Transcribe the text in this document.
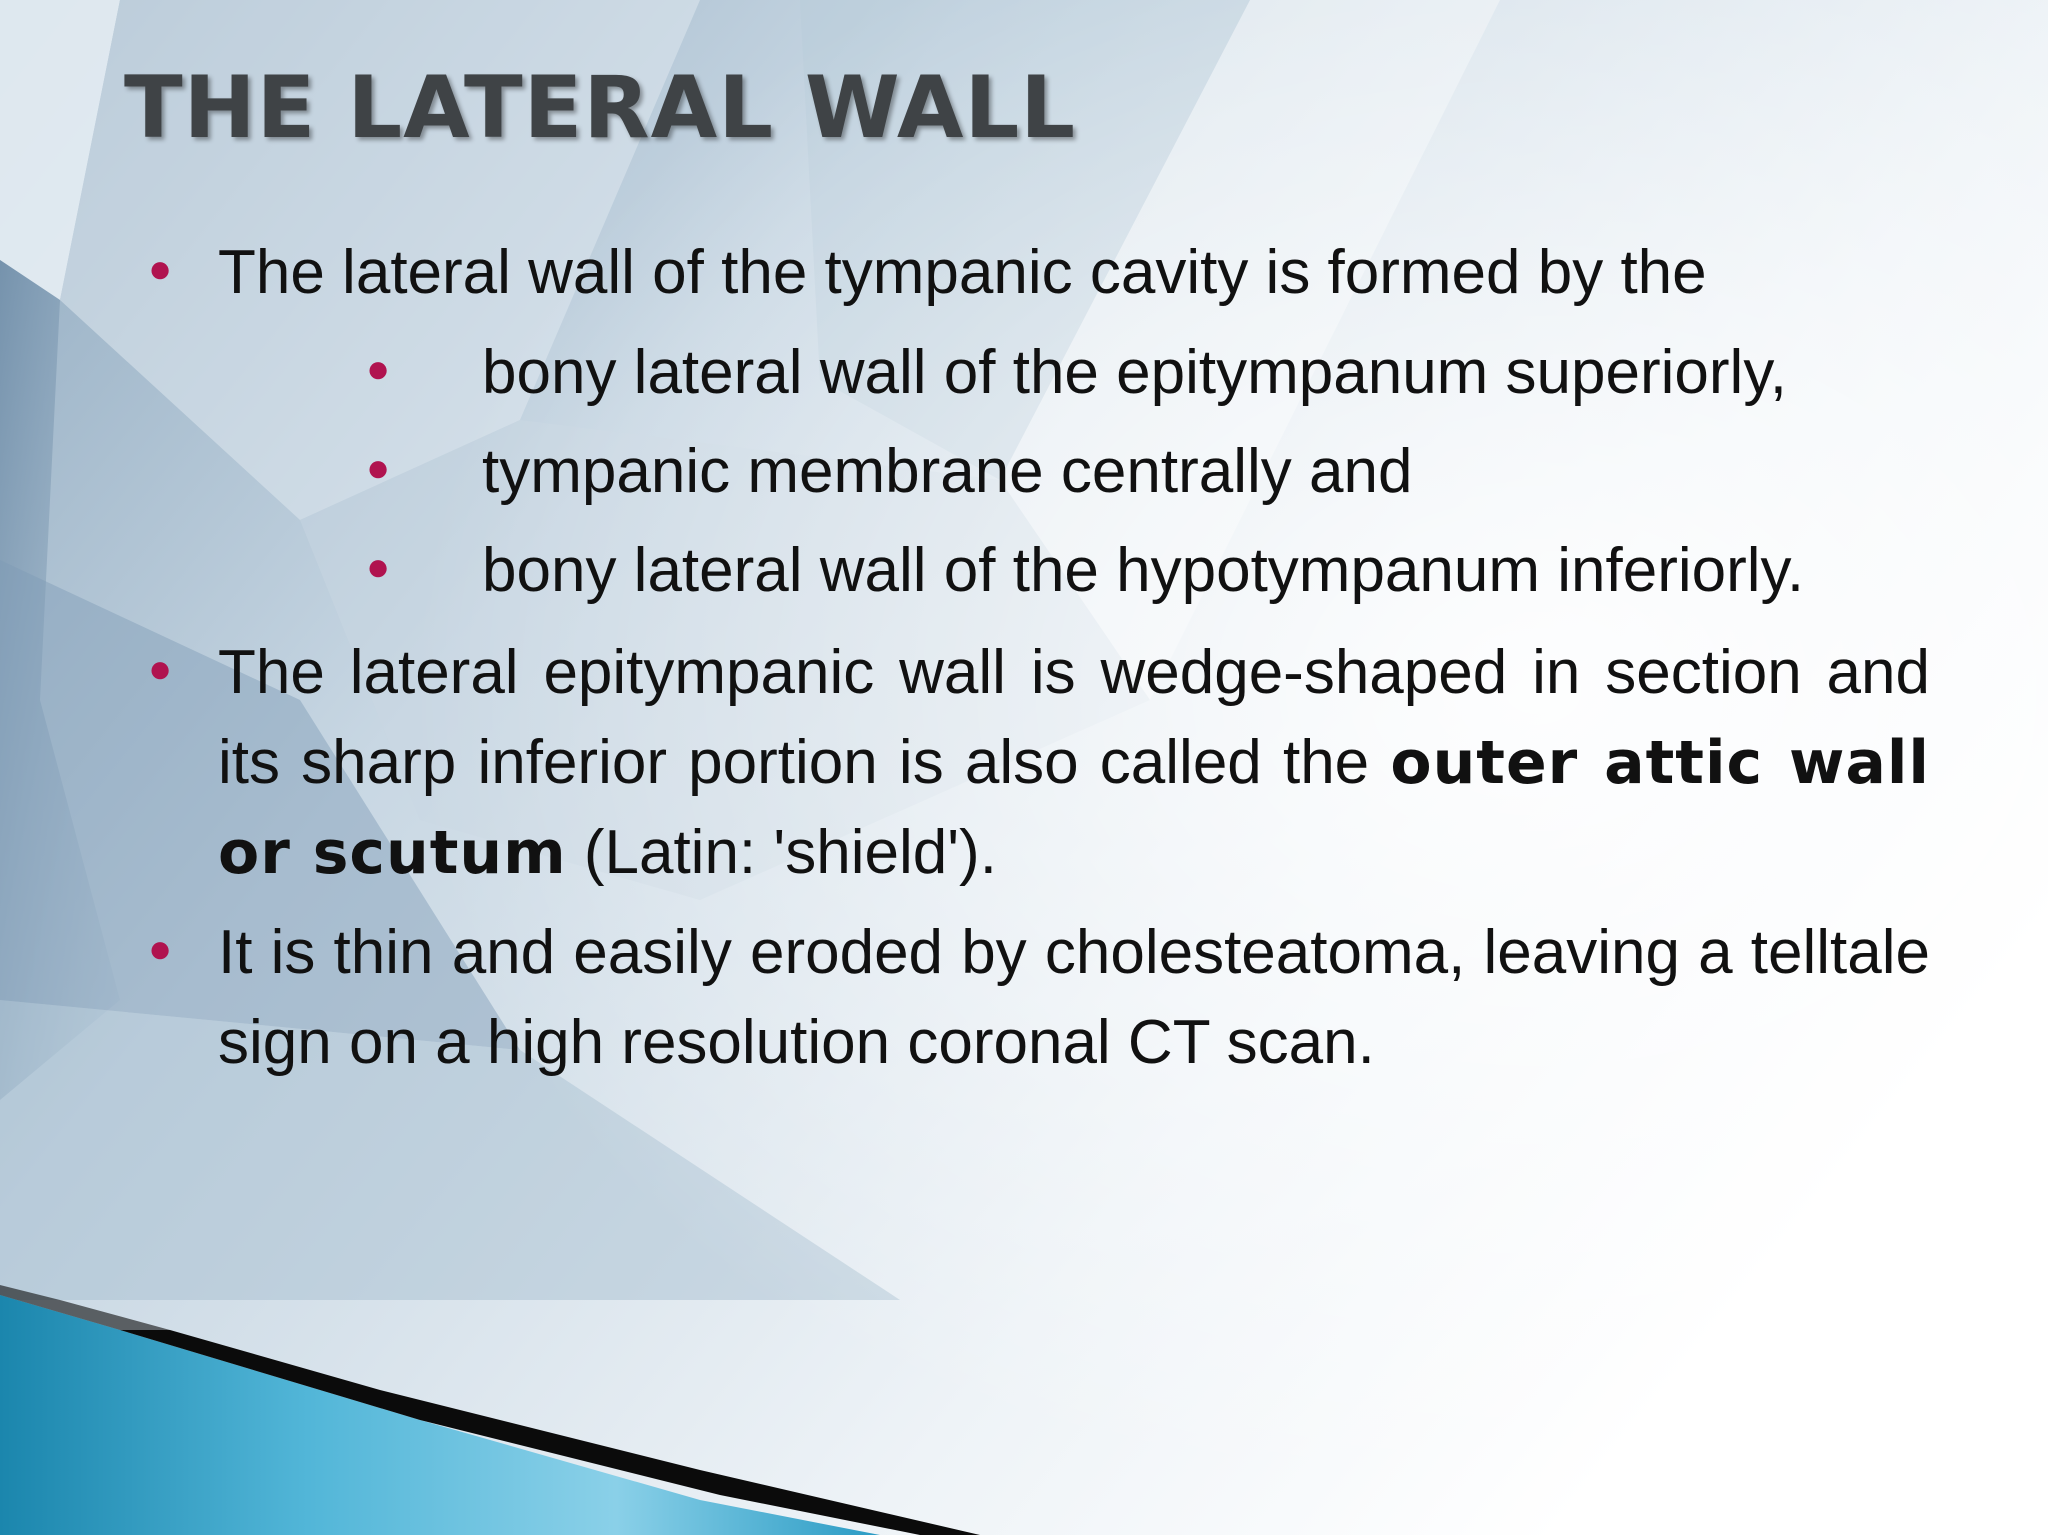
THE LATERAL WALL
● The lateral wall of the tympanic cavity is formed by the
● bony lateral wall of the epitympanum superiorly,
● tympanic membrane centrally and
● bony lateral wall of the hypotympanum inferiorly.
● The lateral epitympanic wall is wedge-shaped in section and its sharp inferior portion is also called the outer attic wall or scutum (Latin: 'shield').
● It is thin and easily eroded by cholesteatoma, leaving a telltale sign on a high resolution coronal CT scan.
